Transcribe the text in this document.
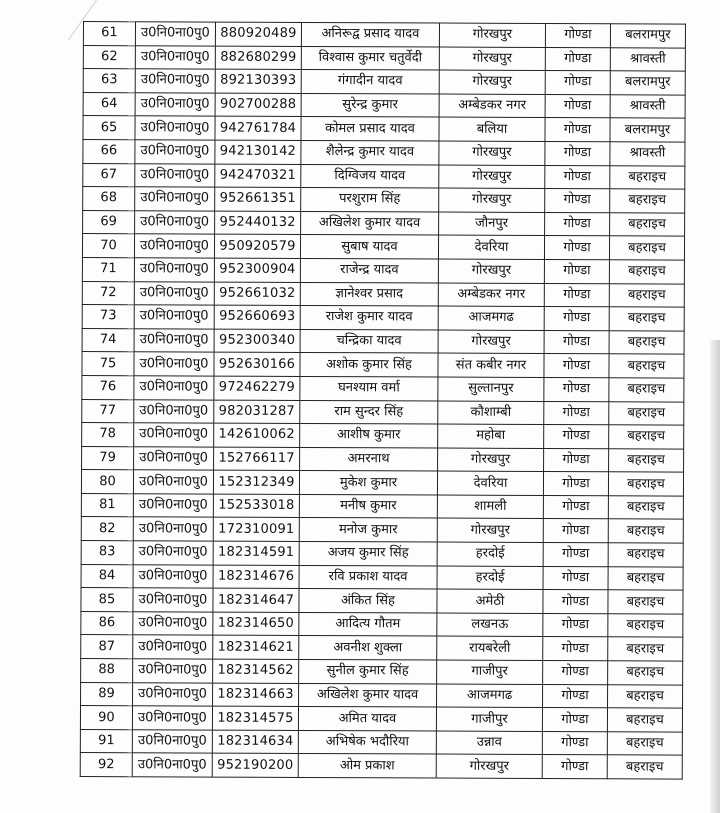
61	उ0नि0ना0पु0	880920489	अनिरूद्व प्रसाद यादव	गोरखपुर	गोण्डा	बलरामपुर
62	उ0नि0ना0पु0	882680299	विश्वास कुमार चतुर्वेदी	गोरखपुर	गोण्डा	श्रावस्ती
63	उ0नि0ना0पु0	892130393	गंगादीन यादव	गोरखपुर	गोण्डा	बलरामपुर
64	उ0नि0ना0पु0	902700288	सुरेन्द्र कुमार	अम्बेडकर नगर	गोण्डा	श्रावस्ती
65	उ0नि0ना0पु0	942761784	कोमल प्रसाद यादव	बलिया	गोण्डा	बलरामपुर
66	उ0नि0ना0पु0	942130142	शैलेन्द्र कुमार यादव	गोरखपुर	गोण्डा	श्रावस्ती
67	उ0नि0ना0पु0	942470321	दिग्विजय यादव	गोरखपुर	गोण्डा	बहराइच
68	उ0नि0ना0पु0	952661351	परशुराम सिंह	गोरखपुर	गोण्डा	बहराइच
69	उ0नि0ना0पु0	952440132	अखिलेश कुमार यादव	जौनपुर	गोण्डा	बहराइच
70	उ0नि0ना0पु0	950920579	सुबाष यादव	देवरिया	गोण्डा	बहराइच
71	उ0नि0ना0पु0	952300904	राजेन्द्र यादव	गोरखपुर	गोण्डा	बहराइच
72	उ0नि0ना0पु0	952661032	ज्ञानेश्वर प्रसाद	अम्बेडकर नगर	गोण्डा	बहराइच
73	उ0नि0ना0पु0	952660693	राजेश कुमार यादव	आजमगढ	गोण्डा	बहराइच
74	उ0नि0ना0पु0	952300340	चन्द्रिका यादव	गोरखपुर	गोण्डा	बहराइच
75	उ0नि0ना0पु0	952630166	अशोक कुमार सिंह	संत कबीर नगर	गोण्डा	बहराइच
76	उ0नि0ना0पु0	972462279	घनश्याम वर्मा	सुल्तानपुर	गोण्डा	बहराइच
77	उ0नि0ना0पु0	982031287	राम सुन्दर सिंह	कौशाम्बी	गोण्डा	बहराइच
78	उ0नि0ना0पु0	142610062	आशीष कुमार	महोबा	गोण्डा	बहराइच
79	उ0नि0ना0पु0	152766117	अमरनाथ	गोरखपुर	गोण्डा	बहराइच
80	उ0नि0ना0पु0	152312349	मुकेश कुमार	देवरिया	गोण्डा	बहराइच
81	उ0नि0ना0पु0	152533018	मनीष कुमार	शामली	गोण्डा	बहराइच
82	उ0नि0ना0पु0	172310091	मनोज कुमार	गोरखपुर	गोण्डा	बहराइच
83	उ0नि0ना0पु0	182314591	अजय कुमार सिंह	हरदोई	गोण्डा	बहराइच
84	उ0नि0ना0पु0	182314676	रवि प्रकाश यादव	हरदोई	गोण्डा	बहराइच
85	उ0नि0ना0पु0	182314647	अंकित सिंह	अमेठी	गोण्डा	बहराइच
86	उ0नि0ना0पु0	182314650	आदित्य गौतम	लखनऊ	गोण्डा	बहराइच
87	उ0नि0ना0पु0	182314621	अवनीश शुक्ला	रायबरेली	गोण्डा	बहराइच
88	उ0नि0ना0पु0	182314562	सुनील कुमार सिंह	गाजीपुर	गोण्डा	बहराइच
89	उ0नि0ना0पु0	182314663	अखिलेश कुमार यादव	आजमगढ	गोण्डा	बहराइच
90	उ0नि0ना0पु0	182314575	अमित यादव	गाजीपुर	गोण्डा	बहराइच
91	उ0नि0ना0पु0	182314634	अभिषेक भदौरिया	उन्नाव	गोण्डा	बहराइच
92	उ0नि0ना0पु0	952190200	ओम प्रकाश	गोरखपुर	गोण्डा	बहराइच
